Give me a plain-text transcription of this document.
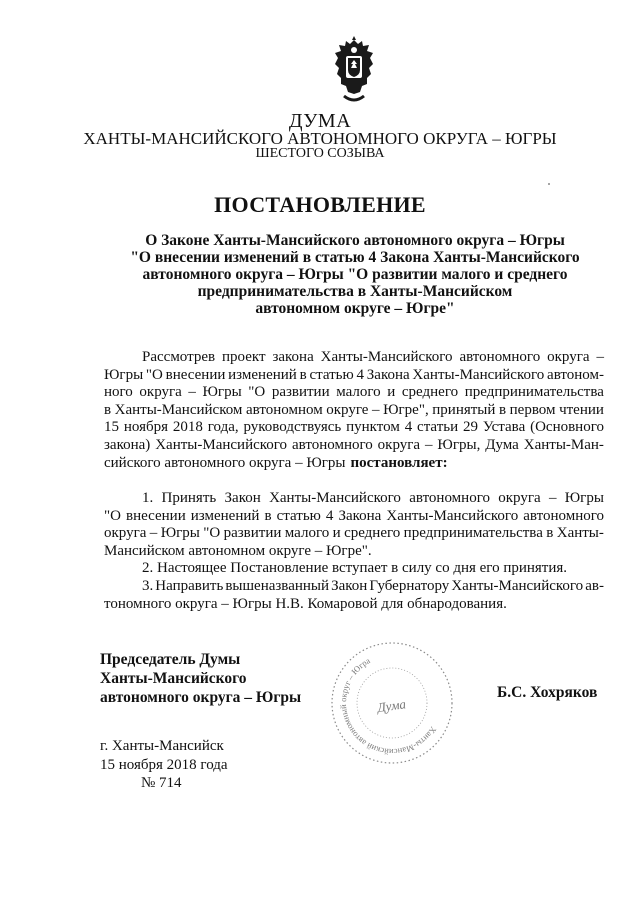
ДУМА
ХАНТЫ-МАНСИЙСКОГО АВТОНОМНОГО ОКРУГА – ЮГРЫ
ШЕСТОГО СОЗЫВА
ПОСТАНОВЛЕНИЕ
О Законе Ханты-Мансийского автономного округа – Югры
"О внесении изменений в статью 4 Закона Ханты-Мансийского
автономного округа – Югры "О развитии малого и среднего
предпринимательства в Ханты-Мансийском
автономном округе – Югре"
Рассмотрев проект закона Ханты-Мансийского автономного округа –
Югры "О внесении изменений в статью 4 Закона Ханты-Мансийского автоном-
ного округа – Югры "О развитии малого и среднего предпринимательства
в Ханты-Мансийском автономном округе – Югре", принятый в первом чтении
15 ноября 2018 года, руководствуясь пунктом 4 статьи 29 Устава (Основного
закона) Ханты-Мансийского автономного округа – Югры, Дума Ханты-Ман-
сийского автономного округа – Югры постановляет:
1. Принять Закон Ханты-Мансийского автономного округа – Югры
"О внесении изменений в статью 4 Закона Ханты-Мансийского автономного
округа – Югры "О развитии малого и среднего предпринимательства в Ханты-
Мансийском автономном округе – Югре".
2. Настоящее Постановление вступает в силу со дня его принятия.
3. Направить вышеназванный Закон Губернатору Ханты-Мансийского ав-
тономного округа – Югры Н.В. Комаровой для обнародования.
Председатель Думы
Ханты-Мансийского
автономного округа – Югры	Б.С. Хохряков
Ханты-Мансийский автономный округ – Югра
Дума
г. Ханты-Мансийск
15 ноября 2018 года
№ 714
